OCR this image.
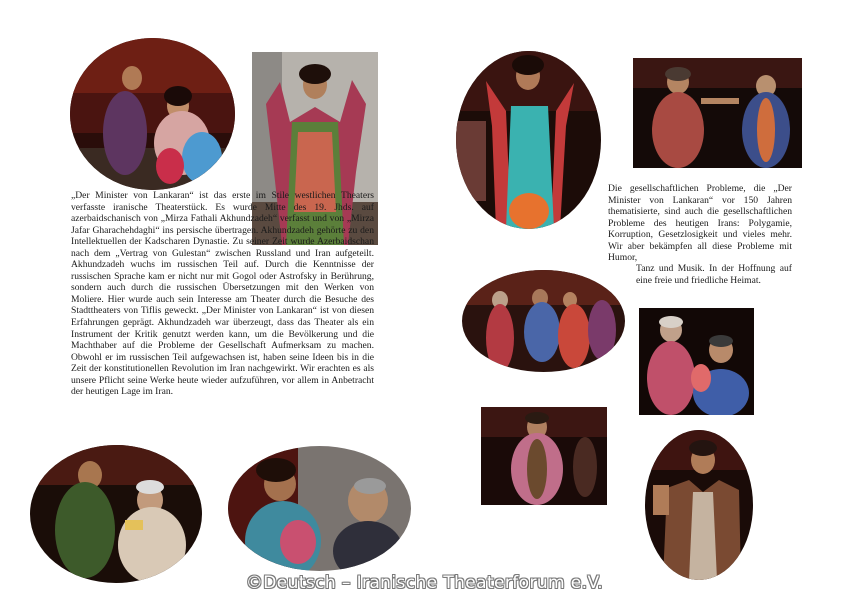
„Der Minister von Lankaran“ ist das erste im Stile westlichen Theaters verfasste iranische Theaterstück. Es wurde Mitte des 19. Jhds. auf azerbaidschanisch von „Mirza Fathali Akhundzadeh“ verfasst und von „Mirza Jafar Gharachehdaghi“ ins persische übertragen. Akhundzadeh gehörte zu den Intellektuellen der Kadscharen Dynastie. Zu seiner Zeit wurde Azerbaidschan nach dem „Vertrag von Gulestan“ zwischen Russland und Iran aufgeteilt. Akhundzadeh wuchs im russischen Teil auf. Durch die Kenntnisse der russischen Sprache kam er nicht nur mit Gogol oder Astrofsky in Berührung, sondern auch durch die russischen Übersetzungen mit den Werken von Moliere. Hier wurde auch sein Interesse am Theater durch die Besuche des Stadttheaters von Tiflis geweckt. „Der Minister von Lankaran“ ist von diesen Erfahrungen geprägt. Akhundzadeh war überzeugt, dass das Theater als ein Instrument der Kritik genutzt werden kann, um die Bevölkerung und die Machthaber auf die Probleme der Gesellschaft Aufmerksam zu machen. Obwohl er im russischen Teil aufgewachsen ist, haben seine Ideen bis in die Zeit der konstitutionellen Revolution im Iran nachgewirkt. Wir erachten es als unsere Pflicht seine Werke heute wieder aufzuführen, vor allem in Anbetracht der heutigen Lage im Iran.

Die gesellschaftlichen Probleme, die „Der Minister von Lankaran“ vor 150 Jahren thematisierte, sind auch die gesellschaftlichen Probleme des heutigen Irans: Polygamie, Korruption, Gesetzlosigkeit und vieles mehr. Wir aber bekämpfen all diese Probleme mit Humor,

Tanz und Musik. In der Hoffnung auf eine freie und friedliche Heimat.

©Deutsch – Iranische Theaterforum e.V.
